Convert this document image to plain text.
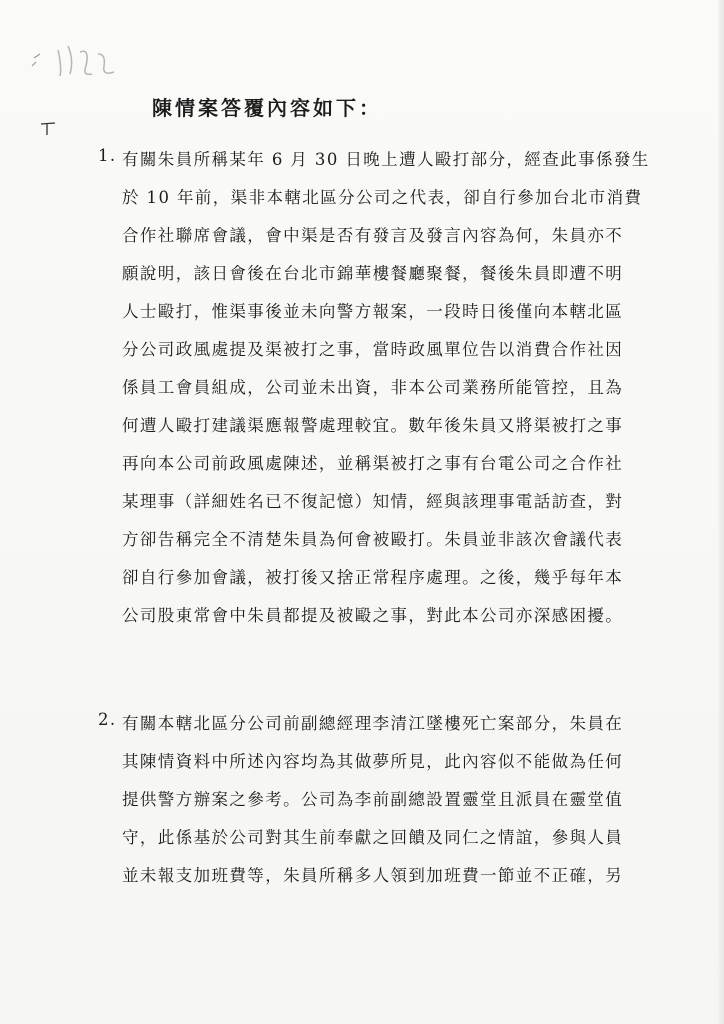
陳情案答覆內容如下：
1. 有關朱員所稱某年 6 月 30 日晚上遭人毆打部分，經查此事係發生
於 10 年前，渠非本轄北區分公司之代表，卻自行參加台北市消費
合作社聯席會議，會中渠是否有發言及發言內容為何，朱員亦不
願說明，該日會後在台北市錦華樓餐廳聚餐，餐後朱員即遭不明
人士毆打，惟渠事後並未向警方報案，一段時日後僅向本轄北區
分公司政風處提及渠被打之事，當時政風單位告以消費合作社因
係員工會員組成，公司並未出資，非本公司業務所能管控，且為
何遭人毆打建議渠應報警處理較宜。數年後朱員又將渠被打之事
再向本公司前政風處陳述，並稱渠被打之事有台電公司之合作社
某理事（詳細姓名已不復記憶）知情，經與該理事電話訪查，對
方卻告稱完全不清楚朱員為何會被毆打。朱員並非該次會議代表
卻自行參加會議，被打後又捨正常程序處理。之後，幾乎每年本
公司股東常會中朱員都提及被毆之事，對此本公司亦深感困擾。
2. 有關本轄北區分公司前副總經理李清江墜樓死亡案部分，朱員在
其陳情資料中所述內容均為其做夢所見，此內容似不能做為任何
提供警方辦案之參考。公司為李前副總設置靈堂且派員在靈堂值
守，此係基於公司對其生前奉獻之回饋及同仁之情誼，參與人員
並未報支加班費等，朱員所稱多人領到加班費一節並不正確，另
